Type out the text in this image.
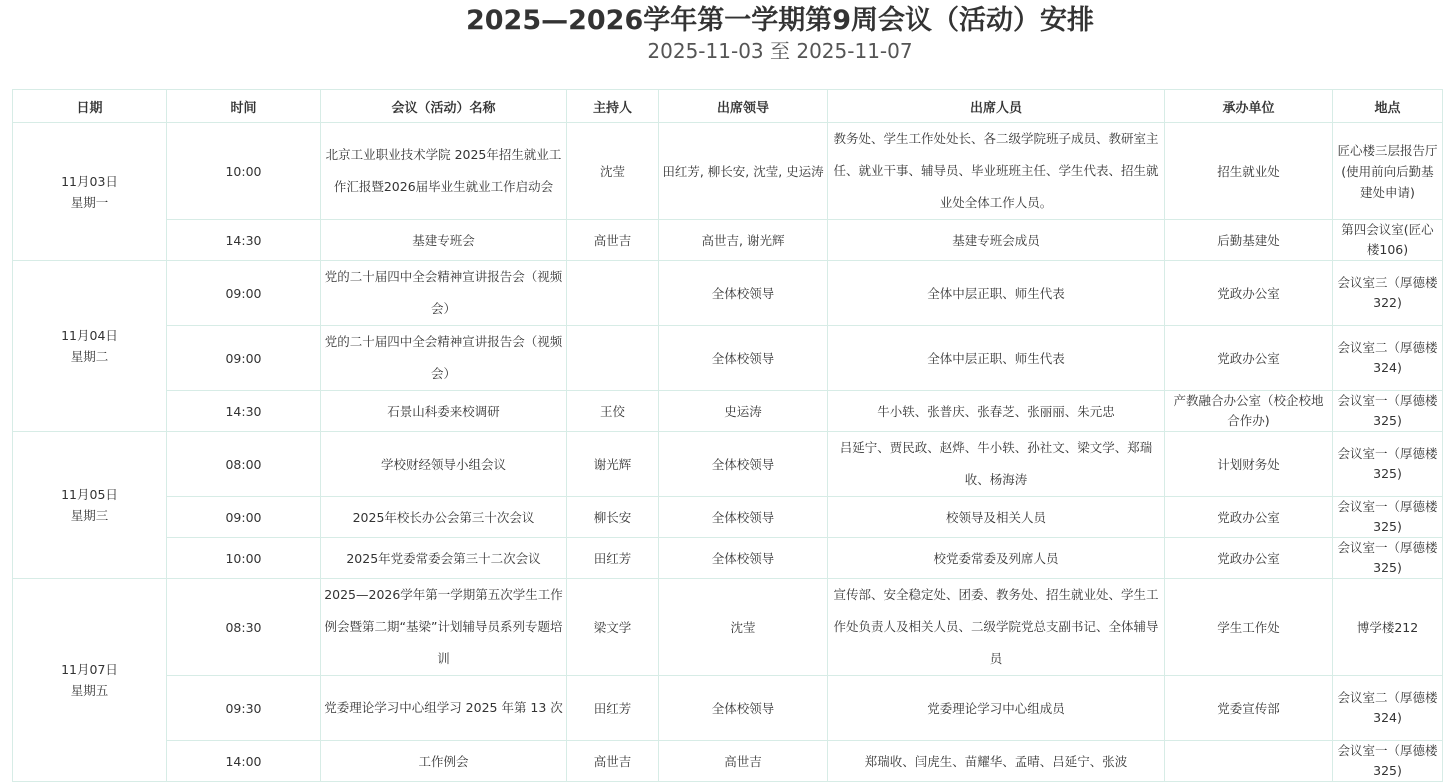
2025—2026学年第一学期第9周会议（活动）安排
2025-11-03 至 2025-11-07
日期	时间	会议（活动）名称	主持人	出席领导	出席人员	承办单位	地点

11月03日
星期一	10:00	北京工业职业技术学院 2025年招生就业工作汇报暨2026届毕业生就业工作启动会	沈莹	田红芳, 柳长安, 沈莹, 史运涛	教务处、学生工作处处长、各二级学院班子成员、教研室主任、就业干事、辅导员、毕业班班主任、学生代表、招生就业处全体工作人员。	招生就业处	匠心楼三层报告厅 (使用前向后勤基建处申请)
	14:30	基建专班会	高世吉	高世吉, 谢光辉	基建专班会成员	后勤基建处	第四会议室(匠心楼106)

11月04日
星期二	09:00	党的二十届四中全会精神宣讲报告会（视频会）		全体校领导	全体中层正职、师生代表	党政办公室	会议室三（厚德楼322)
	09:00	党的二十届四中全会精神宣讲报告会（视频会）		全体校领导	全体中层正职、师生代表	党政办公室	会议室二（厚德楼324)
	14:30	石景山科委来校调研	王佼	史运涛	牛小轶、张普庆、张春芝、张丽丽、朱元忠	产教融合办公室（校企校地合作办)	会议室一（厚德楼325)

11月05日
星期三	08:00	学校财经领导小组会议	谢光辉	全体校领导	吕延宁、贾民政、赵烨、牛小轶、孙社文、梁文学、郑瑞收、杨海涛	计划财务处	会议室一（厚德楼325)
	09:00	2025年校长办公会第三十次会议	柳长安	全体校领导	校领导及相关人员	党政办公室	会议室一（厚德楼325)
	10:00	2025年党委常委会第三十二次会议	田红芳	全体校领导	校党委常委及列席人员	党政办公室	会议室一（厚德楼325)

11月07日
星期五	08:30	2025—2026学年第一学期第五次学生工作例会暨第二期“基梁”计划辅导员系列专题培训	梁文学	沈莹	宣传部、安全稳定处、团委、教务处、招生就业处、学生工作处负责人及相关人员、二级学院党总支副书记、全体辅导员	学生工作处	博学楼212
	09:30	党委理论学习中心组学习 2025 年第 13 次	田红芳	全体校领导	党委理论学习中心组成员	党委宣传部	会议室二（厚德楼324)
	14:00	工作例会	高世吉	高世吉	郑瑞收、闫虎生、苗耀华、孟晴、吕延宁、张波		会议室一（厚德楼325)
